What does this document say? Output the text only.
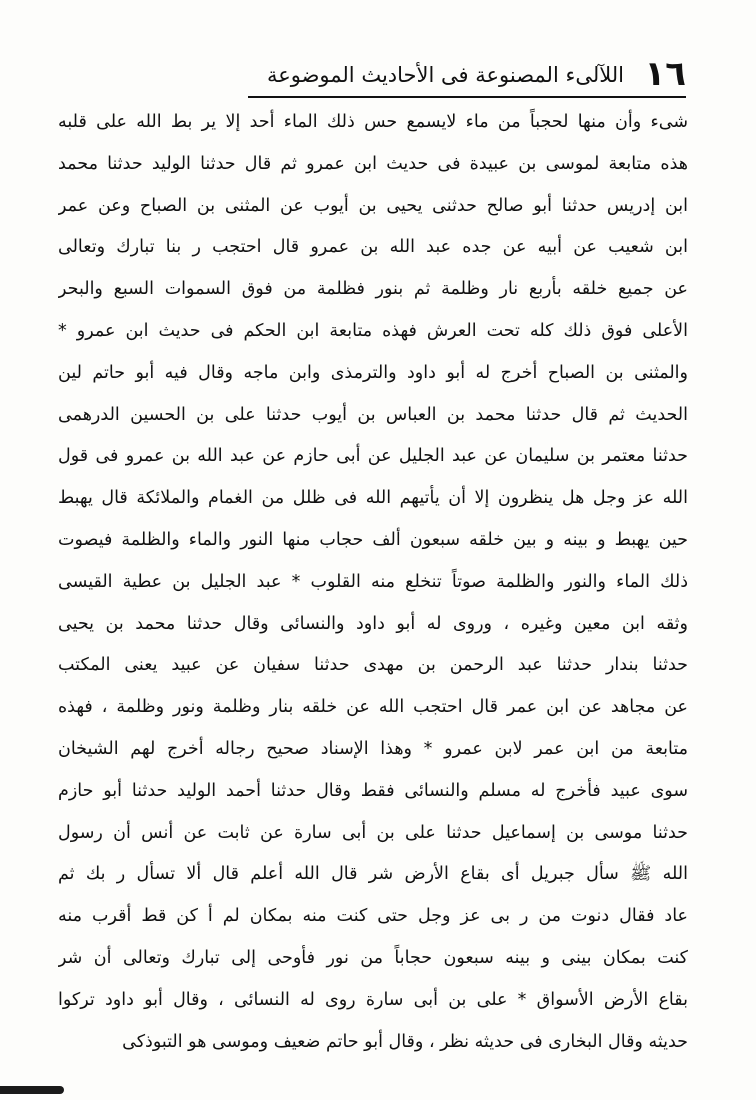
١٦
اللآلىء المصنوعة فى الأحاديث الموضوعة
شىء وأن منها لحجباً من ماء لايسمع حس ذلك الماء أحد إلا ير بط الله على قلبه
هذه متابعة لموسى بن عبيدة فى حديث ابن عمرو ثم قال حدثنا الوليد حدثنا محمد
ابن إدريس حدثنا أبو صالح حدثنى يحيى بن أيوب عن المثنى بن الصباح وعن عمر
ابن شعيب عن أبيه عن جده عبد الله بن عمرو قال احتجب ر بنا تبارك وتعالى
عن جميع خلقه بأربع نار وظلمة ثم بنور فظلمة من فوق السموات السبع والبحر
الأعلى فوق ذلك كله تحت العرش فهذه متابعة ابن الحكم فى حديث ابن عمرو *
والمثنى بن الصباح أخرج له أبو داود والترمذى وابن ماجه وقال فيه أبو حاتم لين
الحديث ثم قال حدثنا محمد بن العباس بن أيوب حدثنا على بن الحسين الدرهمى
حدثنا معتمر بن سليمان عن عبد الجليل عن أبى حازم عن عبد الله بن عمرو فى قول
الله عز وجل هل ينظرون إلا أن يأتيهم الله فى ظلل من الغمام والملائكة قال يهبط
حين يهبط و بينه و بين خلقه سبعون ألف حجاب منها النور والماء والظلمة فيصوت
ذلك الماء والنور والظلمة صوتاً تنخلع منه القلوب * عبد الجليل بن عطية القيسى
وثقه ابن معين وغيره ، وروى له أبو داود والنسائى وقال حدثنا محمد بن يحيى
حدثنا بندار حدثنا عبد الرحمن بن مهدى حدثنا سفيان عن عبيد يعنى المكتب
عن مجاهد عن ابن عمر قال احتجب الله عن خلقه بنار وظلمة ونور وظلمة ، فهذه
متابعة من ابن عمر لابن عمرو * وهذا الإسناد صحيح رجاله أخرج لهم الشيخان
سوى عبيد فأخرج له مسلم والنسائى فقط وقال حدثنا أحمد الوليد حدثنا أبو حازم
حدثنا موسى بن إسماعيل حدثنا على بن أبى سارة عن ثابت عن أنس أن رسول
الله ﷺ سأل جبريل أى بقاع الأرض شر قال الله أعلم قال ألا تسأل ر بك ثم
عاد فقال دنوت من ر بى عز وجل حتى كنت منه بمكان لم أ كن قط أقرب منه
كنت بمكان بينى و بينه سبعون حجاباً من نور فأوحى إلى تبارك وتعالى أن شر
بقاع الأرض الأسواق * على بن أبى سارة روى له النسائى ، وقال أبو داود تركوا
حديثه وقال البخارى فى حديثه نظر ، وقال أبو حاتم ضعيف وموسى هو التبوذكى
